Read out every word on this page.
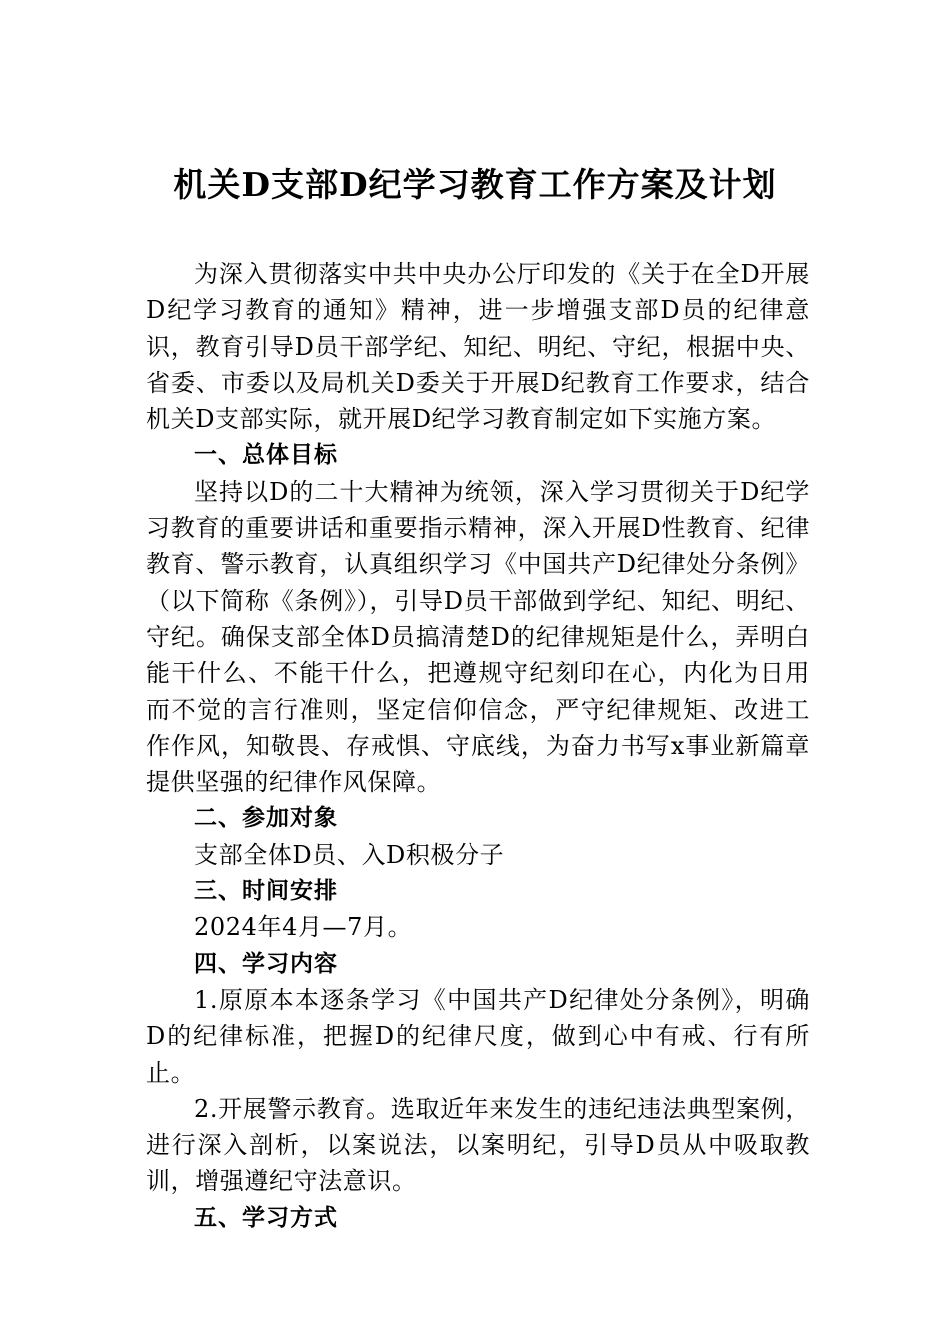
机关D支部D纪学习教育工作方案及计划

为深入贯彻落实中共中央办公厅印发的《关于在全D开展D纪学习教育的通知》精神，进一步增强支部D员的纪律意识，教育引导D员干部学纪、知纪、明纪、守纪，根据中央、省委、市委以及局机关D委关于开展D纪教育工作要求，结合机关D支部实际，就开展D纪学习教育制定如下实施方案。

一、总体目标

坚持以D的二十大精神为统领，深入学习贯彻关于D纪学习教育的重要讲话和重要指示精神，深入开展D性教育、纪律教育、警示教育，认真组织学习《中国共产D纪律处分条例》（以下简称《条例》），引导D员干部做到学纪、知纪、明纪、守纪。确保支部全体D员搞清楚D的纪律规矩是什么，弄明白能干什么、不能干什么，把遵规守纪刻印在心，内化为日用而不觉的言行准则，坚定信仰信念，严守纪律规矩、改进工作作风，知敬畏、存戒惧、守底线，为奋力书写x事业新篇章提供坚强的纪律作风保障。

二、参加对象

支部全体D员、入D积极分子

三、时间安排

2024年4月—7月。

四、学习内容

1.原原本本逐条学习《中国共产D纪律处分条例》，明确D的纪律标准，把握D的纪律尺度，做到心中有戒、行有所止。

2.开展警示教育。选取近年来发生的违纪违法典型案例，进行深入剖析，以案说法，以案明纪，引导D员从中吸取教训，增强遵纪守法意识。

五、学习方式
